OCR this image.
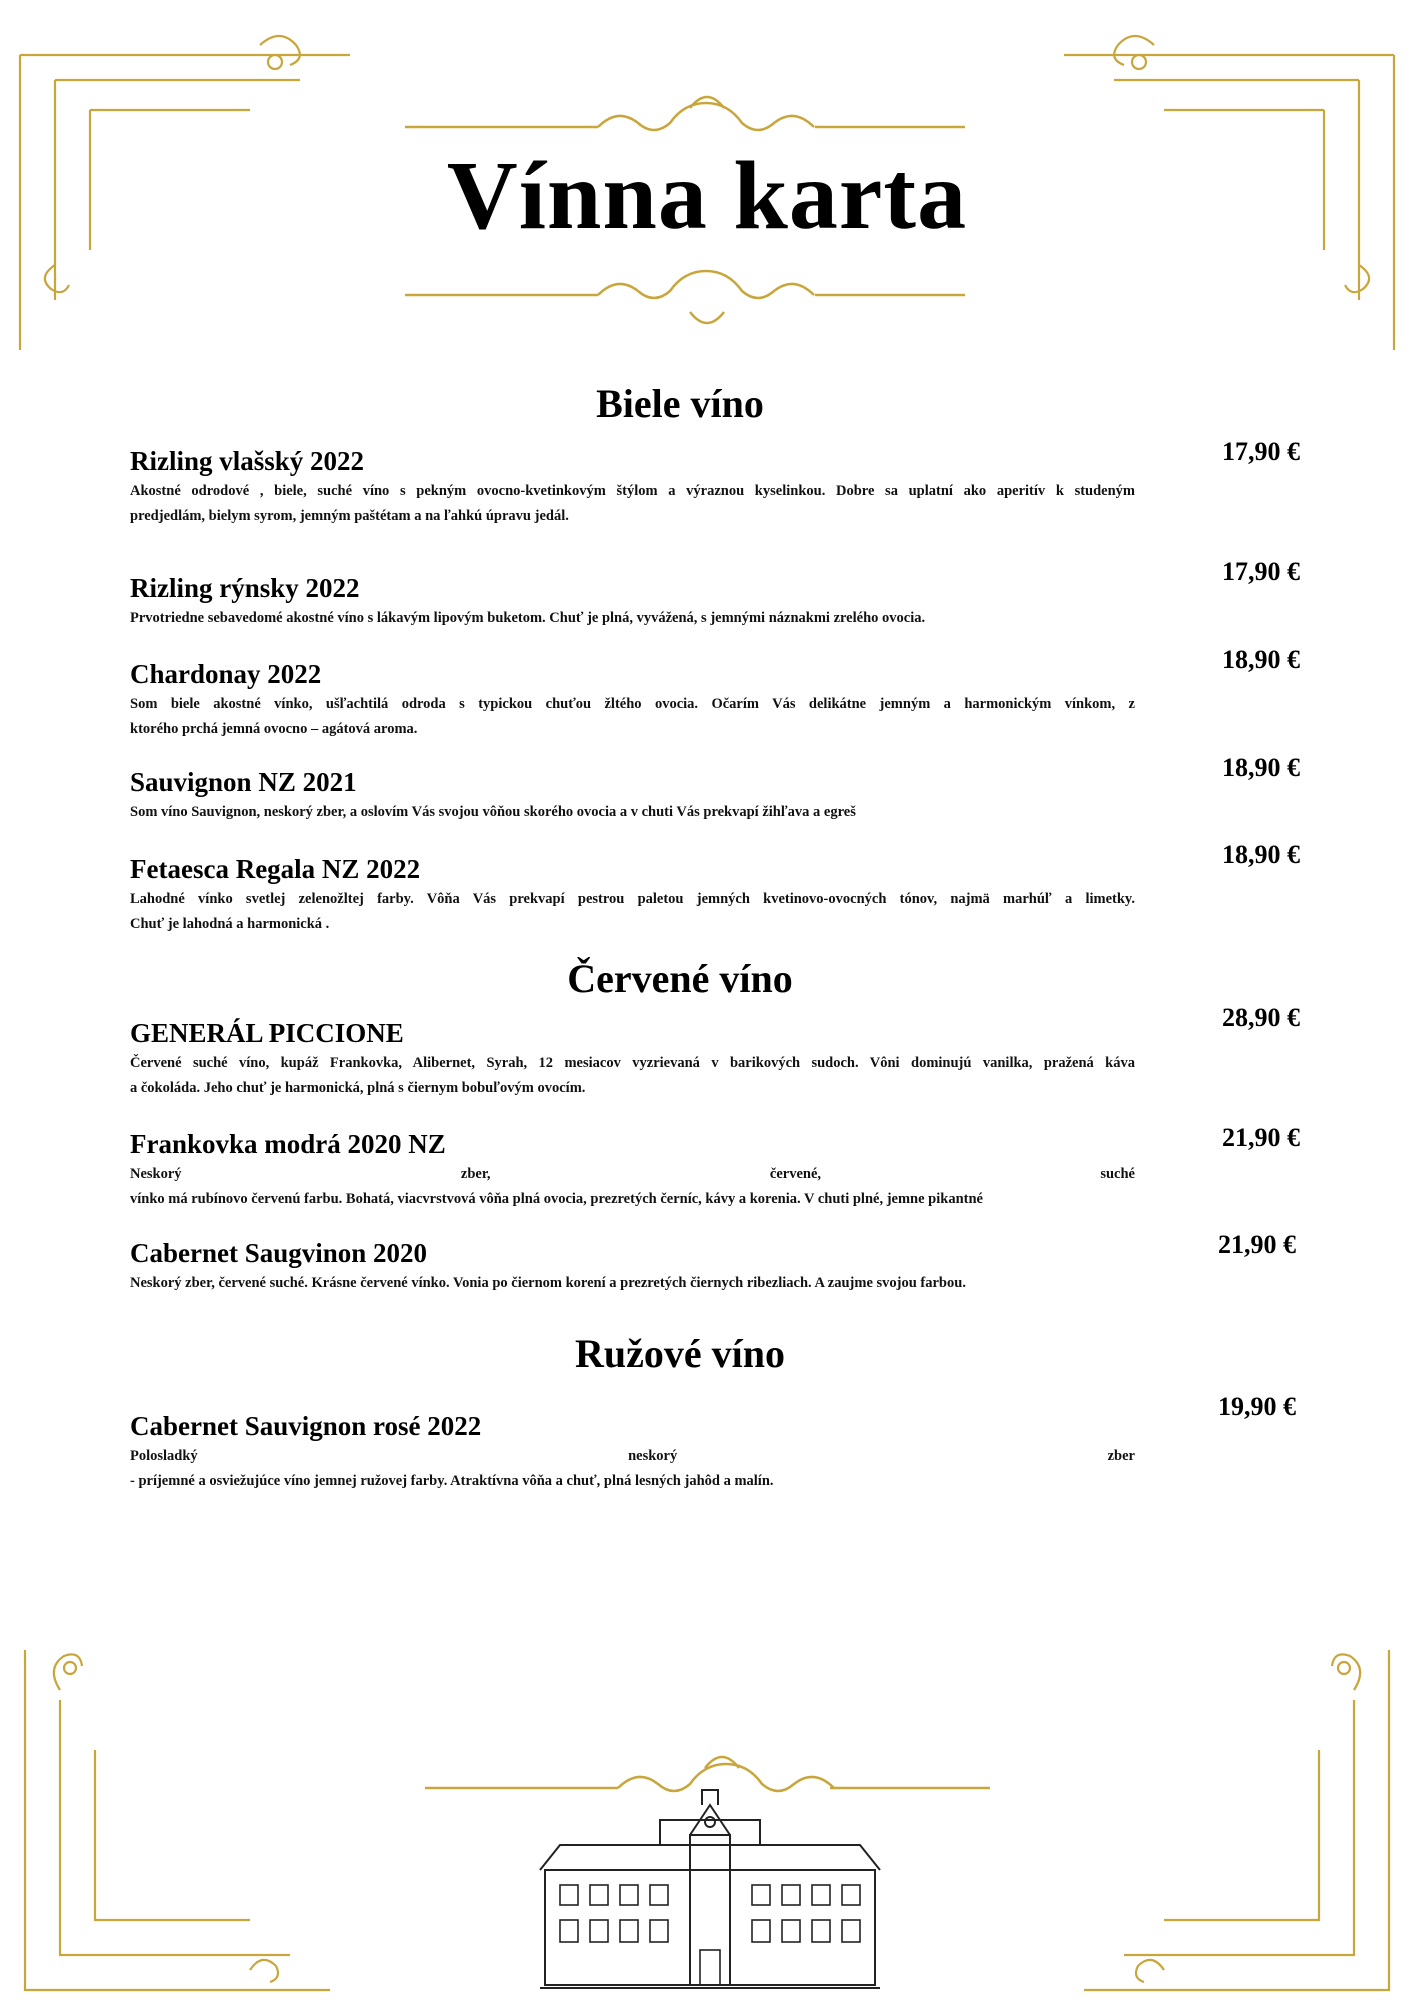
Vínna karta
Biele víno
Rizling vlašský 2022
Akostné odrodové , biele, suché víno s pekným ovocno-kvetinkovým štýlom a výraznou kyselinkou. Dobre sa uplatní ako aperitív k studeným
predjedlám, bielym syrom, jemným paštétam a na ľahkú úpravu jedál.
17,90 €
Rizling rýnsky 2022
Prvotriedne sebavedomé akostné víno s lákavým lipovým buketom. Chuť je plná, vyvážená, s jemnými náznakmi zrelého ovocia.
17,90 €
Chardonay 2022
Som biele akostné vínko, ušľachtilá odroda s typickou chuťou žltého ovocia. Očarím Vás delikátne jemným a harmonickým vínkom, z
ktorého prchá jemná ovocno – agátová aroma.
18,90 €
Sauvignon NZ 2021
Som víno Sauvignon, neskorý zber, a oslovím Vás svojou vôňou skorého ovocia a v chuti Vás prekvapí žihľava a egreš
18,90 €
Fetaesca Regala NZ 2022
Lahodné vínko svetlej zelenožltej farby. Vôňa Vás prekvapí pestrou paletou jemných kvetinovo-ovocných tónov, najmä marhúľ a limetky.
Chuť je lahodná a harmonická .
18,90 €
Červené víno
GENERÁL PICCIONE
Červené suché víno, kupáž Frankovka, Alibernet, Syrah, 12 mesiacov vyzrievaná v barikových sudoch. Vôni dominujú vanilka, pražená káva
a čokoláda. Jeho chuť je harmonická, plná s čiernym bobuľovým ovocím.
28,90 €
Frankovka modrá 2020 NZ
Neskorý zber, červené, suché
vínko má rubínovo červenú farbu. Bohatá, viacvrstvová vôňa plná ovocia, prezretých černíc, kávy a korenia. V chuti plné, jemne pikantné
21,90 €
Cabernet Saugvinon 2020
Neskorý zber, červené suché. Krásne červené vínko. Vonia po čiernom korení a prezretých čiernych ribezliach. A zaujme svojou farbou.
21,90 €
Ružové víno
Cabernet Sauvignon rosé 2022
Polosladký neskorý zber
- príjemné a osviežujúce víno jemnej ružovej farby. Atraktívna vôňa a chuť, plná lesných jahôd a malín.
19,90 €
